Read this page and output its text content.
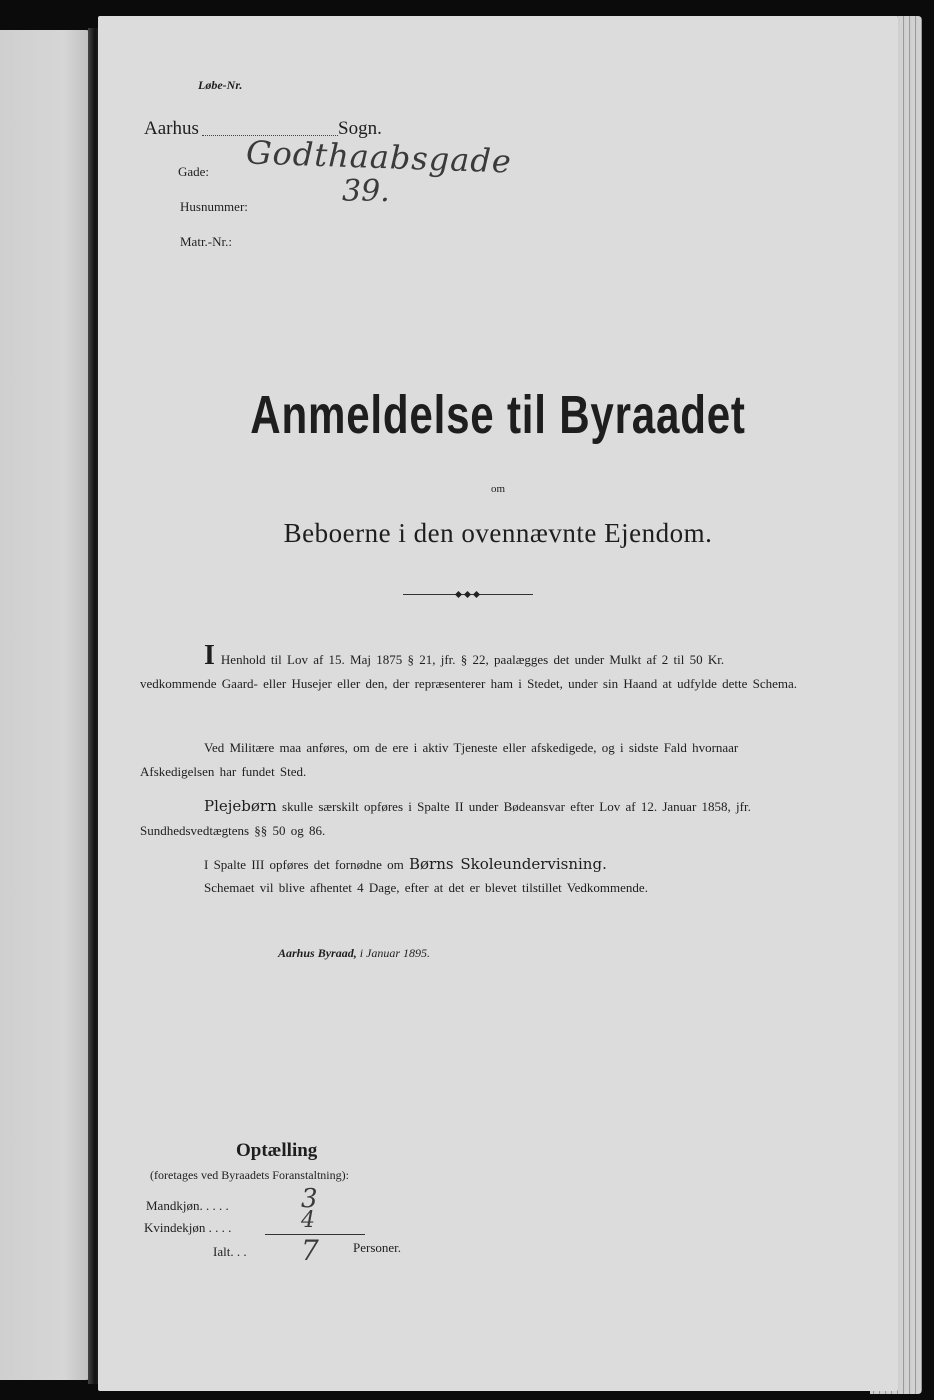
Løbe-Nr.
Aarhus	Sogn.
Gade: Godthaabsgade
Husnummer:	39.
Matr.-Nr.:
Anmeldelse til Byraadet
om
Beboerne i den ovennævnte Ejendom.
I Henhold til Lov af 15. Maj 1875 § 21, jfr. § 22, paalægges det under Mulkt af 2 til 50 Kr. vedkommende Gaard- eller Husejer eller den, der repræsenterer ham i Stedet, under sin Haand at udfylde dette Schema.
Ved Militære maa anføres, om de ere i aktiv Tjeneste eller afskedigede, og i sidste Fald hvornaar Afskedigelsen har fundet Sted.
Plejebørn skulle særskilt opføres i Spalte II under Bødeansvar efter Lov af 12. Januar 1858, jfr. Sundhedsvedtægtens §§ 50 og 86.
I Spalte III opføres det fornødne om Børns Skoleundervisning.
Schemaet vil blive afhentet 4 Dage, efter at det er blevet tilstillet Vedkommende.
Aarhus Byraad, i Januar 1895.
Optælling
(foretages ved Byraadets Foranstaltning):
Mandkjøn. . . . .	3
Kvindekjøn . . . .	4
Ialt. . . 7	Personer.
